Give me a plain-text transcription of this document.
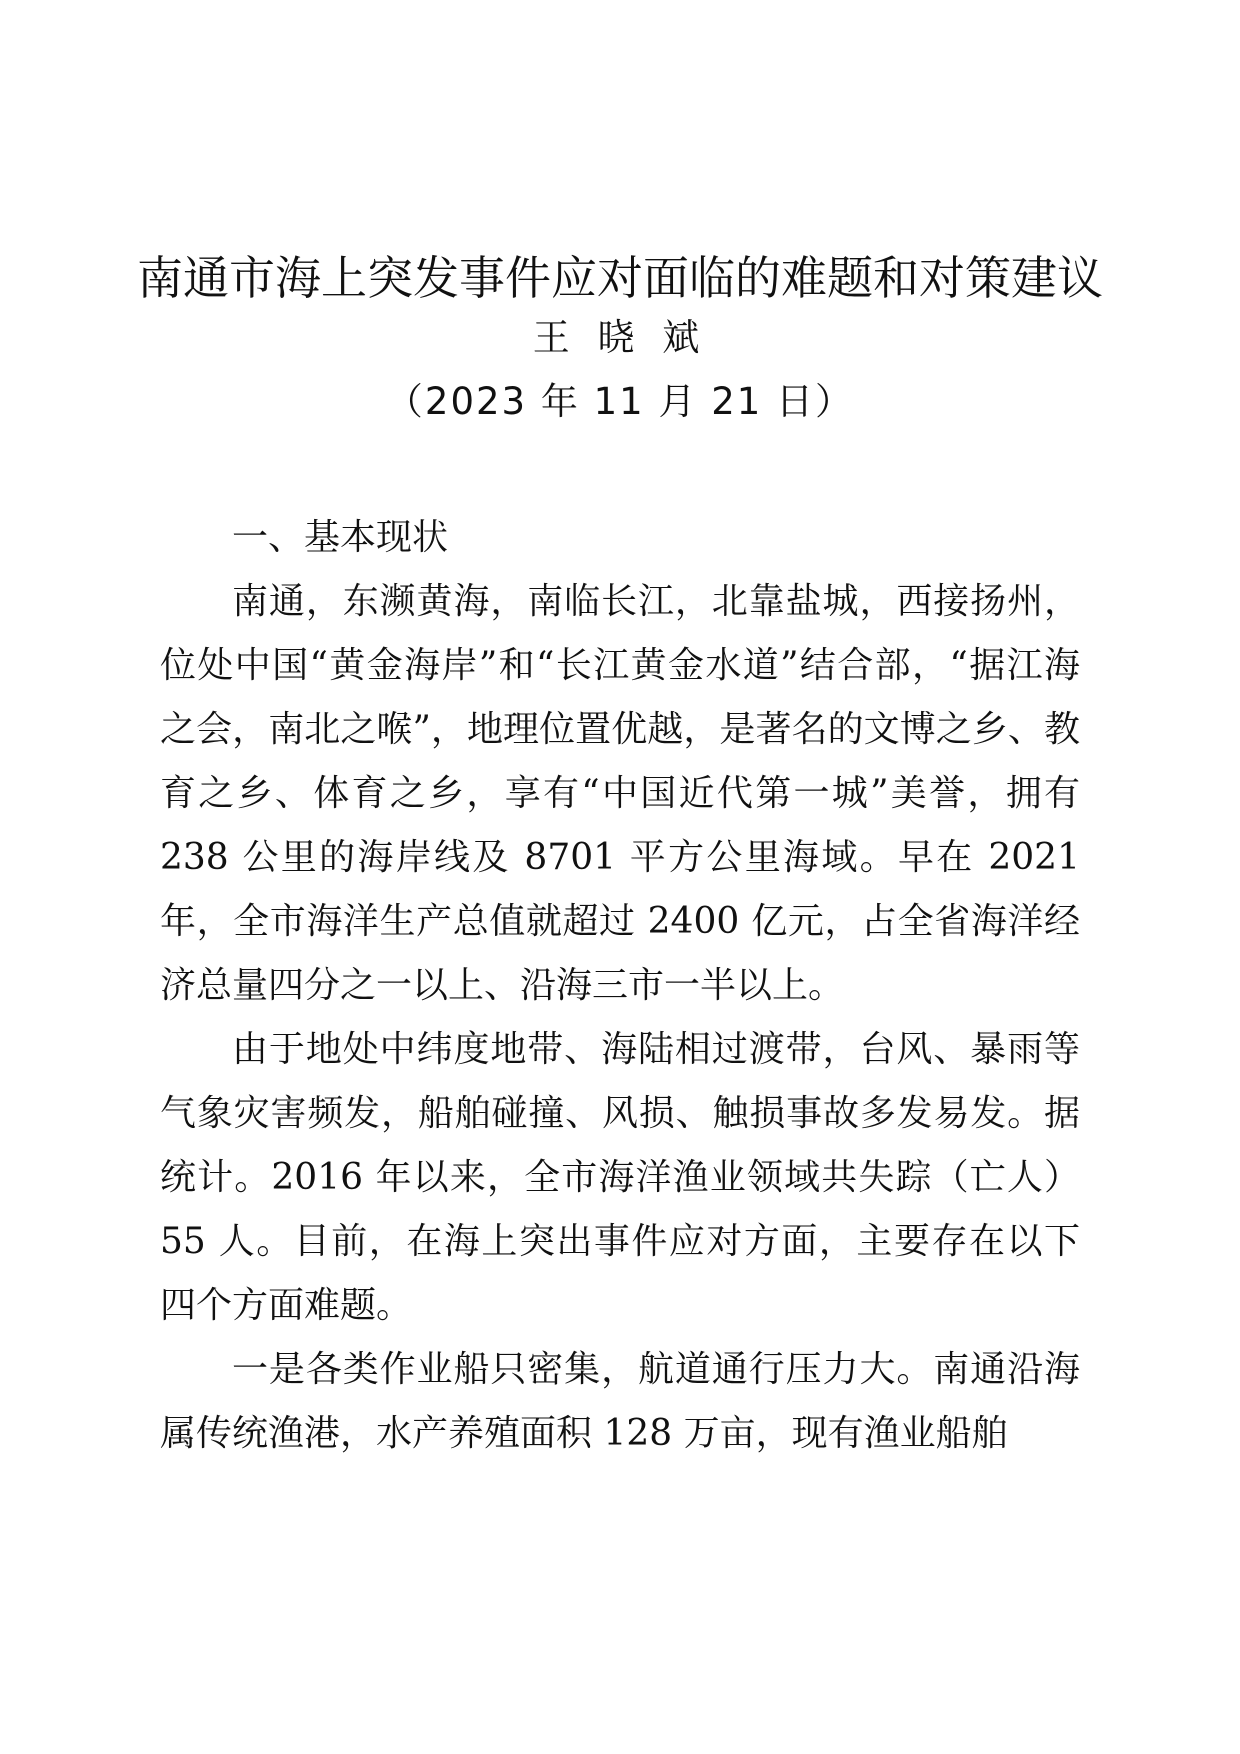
南通市海上突发事件应对面临的难题和对策建议
王 晓 斌
（2023 年 11 月 21 日）

一、基本现状

南通，东濒黄海，南临长江，北靠盐城，西接扬州，位处中国“黄金海岸”和“长江黄金水道”结合部，“据江海之会，南北之喉”，地理位置优越，是著名的文博之乡、教育之乡、体育之乡，享有“中国近代第一城”美誉，拥有 238 公里的海岸线及 8701 平方公里海域。早在 2021 年，全市海洋生产总值就超过 2400 亿元，占全省海洋经济总量四分之一以上、沿海三市一半以上。

由于地处中纬度地带、海陆相过渡带，台风、暴雨等气象灾害频发，船舶碰撞、风损、触损事故多发易发。据统计。2016 年以来，全市海洋渔业领域共失踪（亡人）55 人。目前，在海上突出事件应对方面，主要存在以下四个方面难题。

一是各类作业船只密集，航道通行压力大。南通沿海属传统渔港，水产养殖面积 128 万亩，现有渔业船舶
